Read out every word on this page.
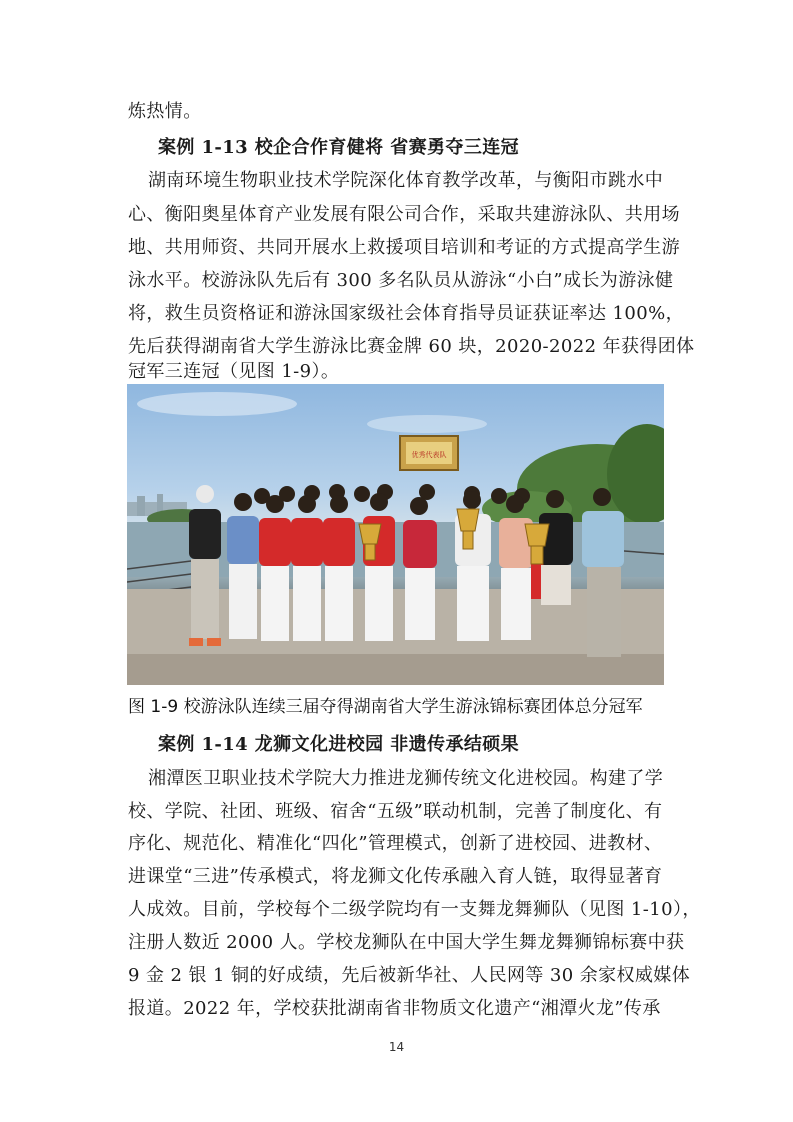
炼热情。
案例 1-13 校企合作育健将 省赛勇夺三连冠
湖南环境生物职业技术学院深化体育教学改革，与衡阳市跳水中
心、衡阳奥星体育产业发展有限公司合作，采取共建游泳队、共用场
地、共用师资、共同开展水上救援项目培训和考证的方式提高学生游
泳水平。校游泳队先后有 300 多名队员从游泳“小白”成长为游泳健
将，救生员资格证和游泳国家级社会体育指导员证获证率达 100%，
先后获得湖南省大学生游泳比赛金牌 60 块，2020-2022 年获得团体
冠军三连冠（见图 1-9）。
优秀代表队
图 1-9 校游泳队连续三届夺得湖南省大学生游泳锦标赛团体总分冠军
案例 1-14 龙狮文化进校园 非遗传承结硕果
湘潭医卫职业技术学院大力推进龙狮传统文化进校园。构建了学
校、学院、社团、班级、宿舍“五级”联动机制，完善了制度化、有
序化、规范化、精准化“四化”管理模式，创新了进校园、进教材、
进课堂“三进”传承模式，将龙狮文化传承融入育人链，取得显著育
人成效。目前，学校每个二级学院均有一支舞龙舞狮队（见图 1-10），
注册人数近 2000 人。学校龙狮队在中国大学生舞龙舞狮锦标赛中获
9 金 2 银 1 铜的好成绩，先后被新华社、人民网等 30 余家权威媒体
报道。2022 年，学校获批湖南省非物质文化遗产“湘潭火龙”传承
14
